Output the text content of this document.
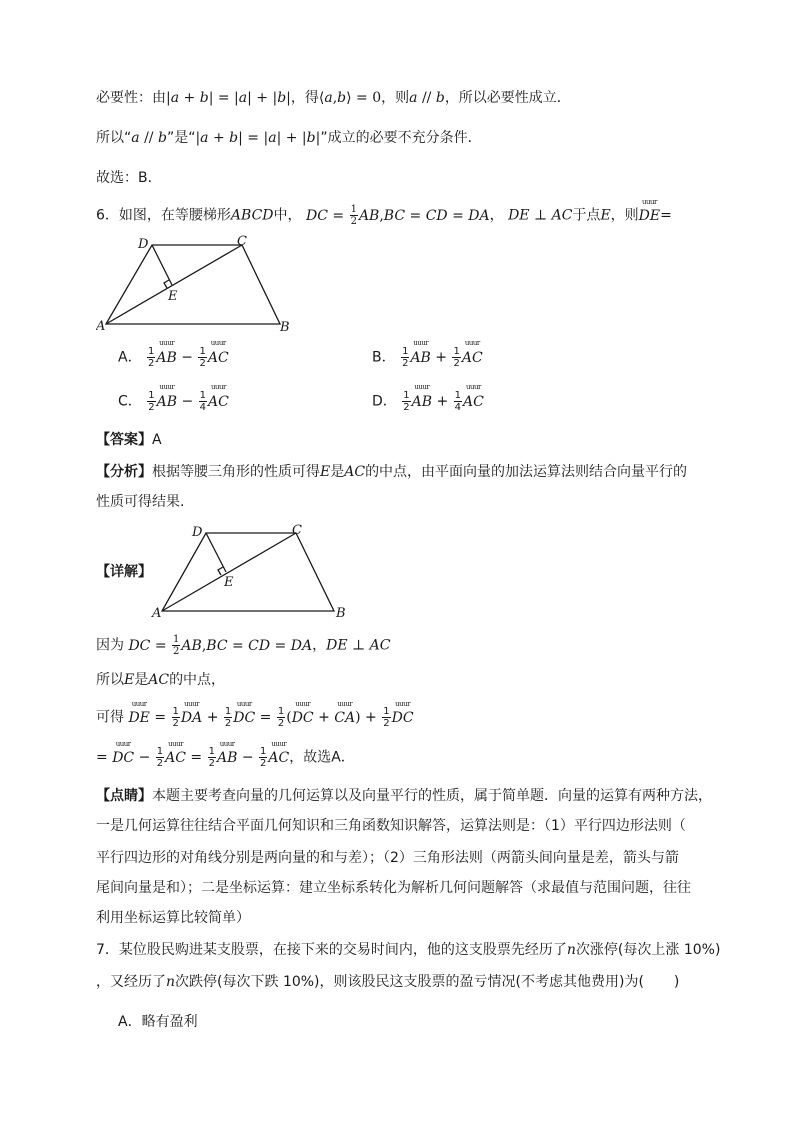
必要性：由|a + b| = |a| + |b|，得⟨a,b⟩ = 0，则a // b，所以必要性成立．
所以“a // b”是“|a + b| = |a| + |b|”成立的必要不充分条件．
故选：B．
6．如图，在等腰梯形ABCD中， DC = $\frac{1}{2} AB,BC$ = CD = DA， DE ⊥ AC于点E，则DE
uuur
=
A	B
C
D
E
A． $\frac{1}{2}$ AB
uuur
− $\frac{1}{2}$ AC
uuur
B． $\frac{1}{2}$ AB
uuur
+ $\frac{1}{2}$ AC
uuur
C． $\frac{1}{2}$ AB
uuur
− $\frac{1}{4}$ AC
uuur
D． $\frac{1}{2}$ AB
uuur
+ $\frac{1}{4}$ AC
uuur
【答案】A
【分析】根据等腰三角形的性质可得E是AC的中点，由平面向量的加法运算法则结合向量平行的
性质可得结果.
【详解】
A	B
C
D
E
因为 DC = $\frac{1}{2} AB,BC$ = CD = DA，DE ⊥ AC
所以E是AC的中点，
可得 DE
uuur
= $\frac{1}{2}$ DA
uuur
+ $\frac{1}{2}$ DC
uuur
= $\frac{1}{2} (DC$
uuur
+ CA
uuur
) + $\frac{1}{2}$ DC
uuur
= DC
uuur
− $\frac{1}{2}$ AC
uuur
= $\frac{1}{2}$ AB
uuur
− $\frac{1}{2}$ AC
uuur
，故选A．
【点睛】本题主要考查向量的几何运算以及向量平行的性质，属于简单题．向量的运算有两种方法，
一是几何运算往往结合平面几何知识和三角函数知识解答，运算法则是：（1）平行四边形法则（
平行四边形的对角线分别是两向量的和与差）；（2）三角形法则（两箭头间向量是差，箭头与箭
尾间向量是和）；二是坐标运算：建立坐标系转化为解析几何问题解答（求最值与范围问题，往往
利用坐标运算比较简单）
7．某位股民购进某支股票，在接下来的交易时间内，他的这支股票先经历了n次涨停(每次上涨 10%)
，又经历了n次跌停(每次下跌 10%)，则该股民这支股票的盈亏情况(不考虑其他费用)为( )
A．略有盈利
